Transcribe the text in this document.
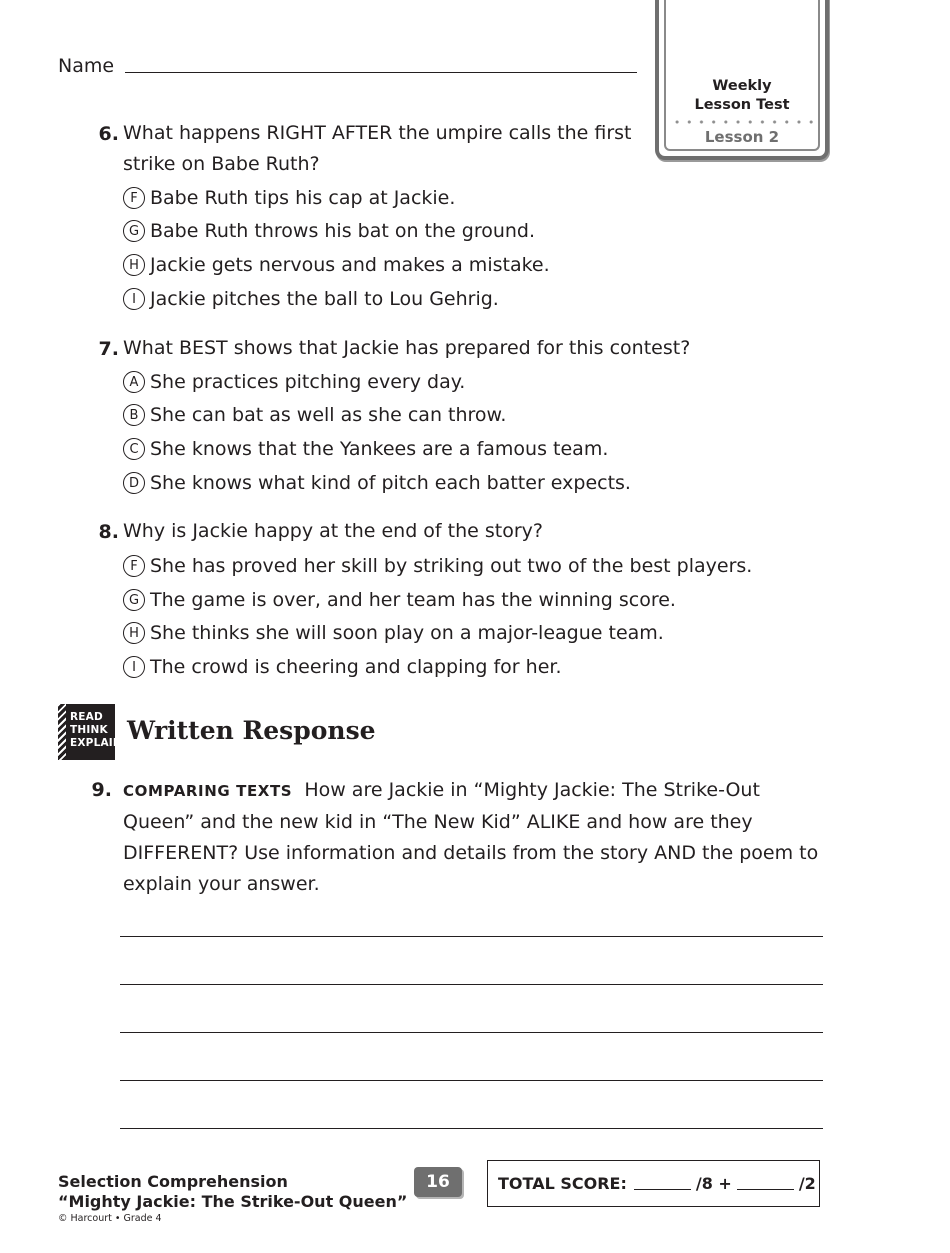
Name
Weekly
Lesson Test
Lesson 2
6. What happens RIGHT AFTER the umpire calls the first
strike on Babe Ruth?
F Babe Ruth tips his cap at Jackie.
G Babe Ruth throws his bat on the ground.
H Jackie gets nervous and makes a mistake.
I Jackie pitches the ball to Lou Gehrig.
7. What BEST shows that Jackie has prepared for this contest?
A She practices pitching every day.
B She can bat as well as she can throw.
C She knows that the Yankees are a famous team.
D She knows what kind of pitch each batter expects.
8. Why is Jackie happy at the end of the story?
F She has proved her skill by striking out two of the best players.
G The game is over, and her team has the winning score.
H She thinks she will soon play on a major-league team.
I The crowd is cheering and clapping for her.
READ
THINK
EXPLAIN Written Response
9. COMPARING TEXTS How are Jackie in “Mighty Jackie: The Strike-Out Queen” and the new kid in “The New Kid” ALIKE and how are they DIFFERENT? Use information and details from the story AND the poem to explain your answer.
Selection Comprehension
“Mighty Jackie: The Strike-Out Queen”
© Harcourt • Grade 4
16	TOTAL SCORE:	/8 +	/2
